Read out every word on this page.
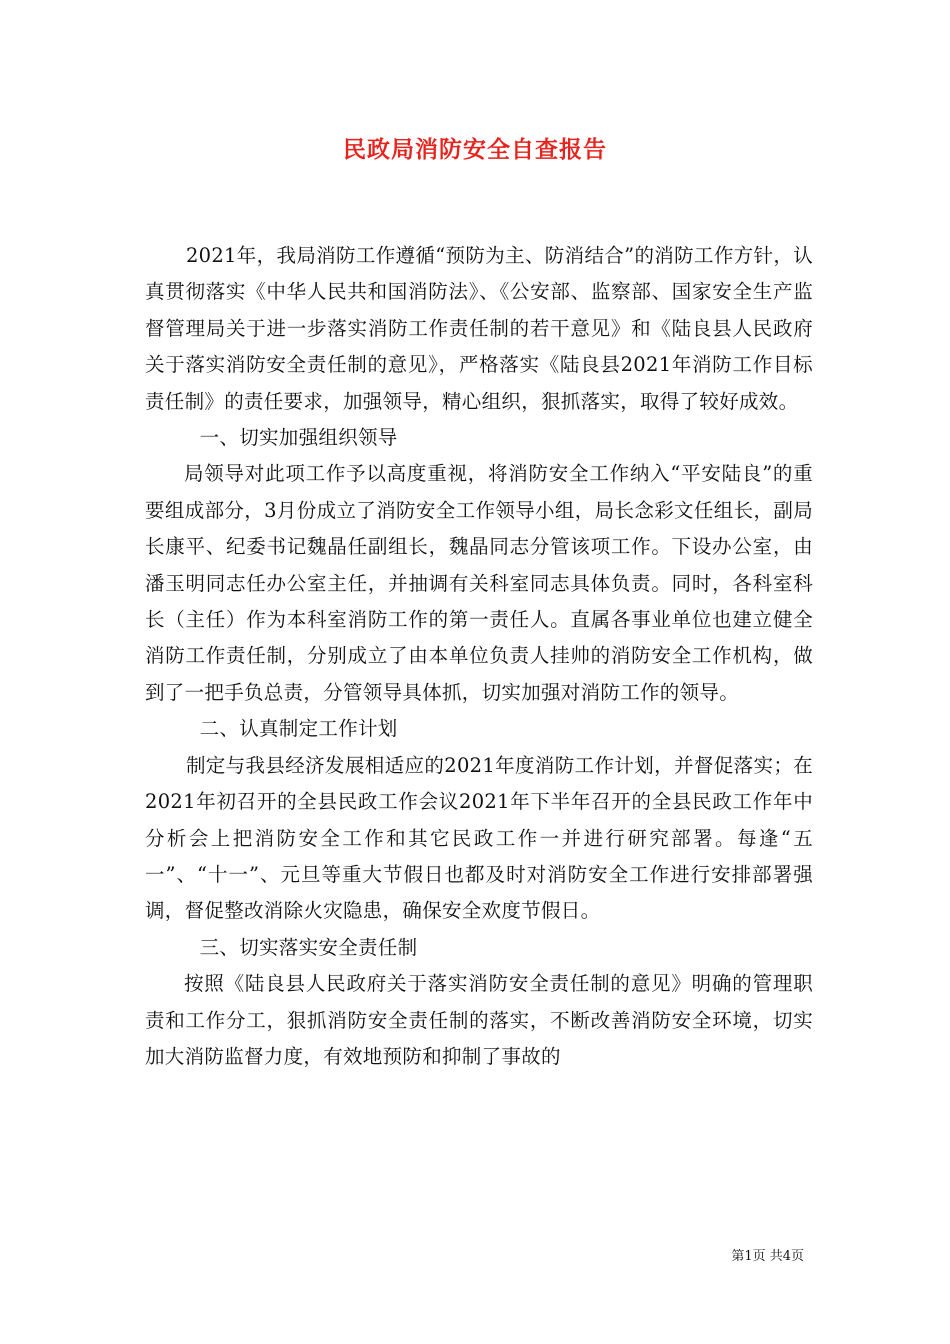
民政局消防安全自查报告

2021年，我局消防工作遵循“预防为主、防消结合”的消防工作方针，认真贯彻落实《中华人民共和国消防法》、《公安部、监察部、国家安全生产监督管理局关于进一步落实消防工作责任制的若干意见》和《陆良县人民政府关于落实消防安全责任制的意见》，严格落实《陆良县2021年消防工作目标责任制》的责任要求，加强领导，精心组织，狠抓落实，取得了较好成效。

一、切实加强组织领导

局领导对此项工作予以高度重视，将消防安全工作纳入“平安陆良”的重要组成部分，3月份成立了消防安全工作领导小组，局长念彩文任组长，副局长康平、纪委书记魏晶任副组长，魏晶同志分管该项工作。下设办公室，由潘玉明同志任办公室主任，并抽调有关科室同志具体负责。同时，各科室科长（主任）作为本科室消防工作的第一责任人。直属各事业单位也建立健全消防工作责任制，分别成立了由本单位负责人挂帅的消防安全工作机构，做到了一把手负总责，分管领导具体抓，切实加强对消防工作的领导。

二、认真制定工作计划

制定与我县经济发展相适应的2021年度消防工作计划，并督促落实；在2021年初召开的全县民政工作会议2021年下半年召开的全县民政工作年中分析会上把消防安全工作和其它民政工作一并进行研究部署。每逢“五一”、“十一”、元旦等重大节假日也都及时对消防安全工作进行安排部署强调，督促整改消除火灾隐患，确保安全欢度节假日。

三、切实落实安全责任制

按照《陆良县人民政府关于落实消防安全责任制的意见》明确的管理职责和工作分工，狠抓消防安全责任制的落实，不断改善消防安全环境，切实加大消防监督力度，有效地预防和抑制了事故的

第1页 共4页
